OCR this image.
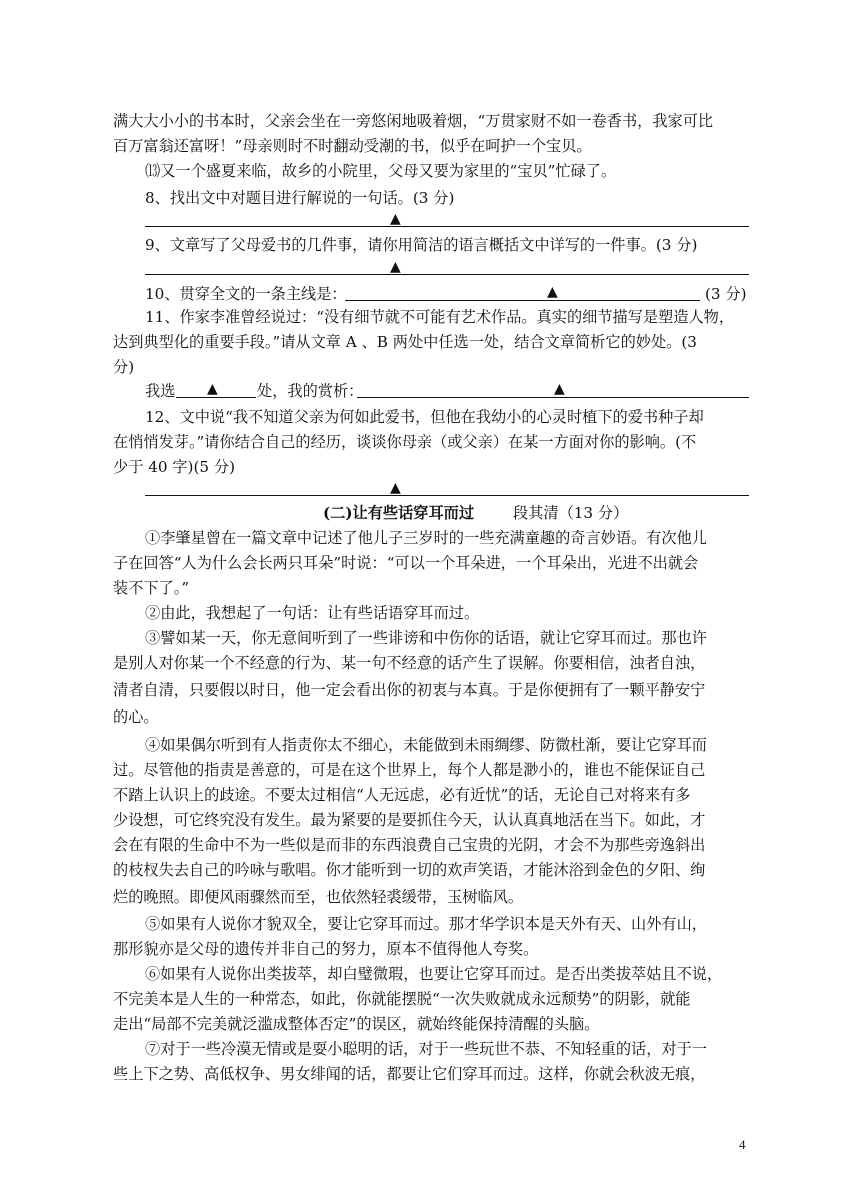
满大大小小的书本时，父亲会坐在一旁悠闲地吸着烟，“万贯家财不如一卷香书，我家可比
百万富翁还富呀！”母亲则时不时翻动受潮的书，似乎在呵护一个宝贝。
⒀又一个盛夏来临，故乡的小院里，父母又要为家里的“宝贝”忙碌了。
8、找出文中对题目进行解说的一句话。(3 分)
▲
9、文章写了父母爱书的几件事，请你用简洁的语言概括文中详写的一件事。(3 分)
▲
10、贯穿全文的一条主线是：	▲	(3 分)
11、作家李准曾经说过：“没有细节就不可能有艺术作品。真实的细节描写是塑造人物，
达到典型化的重要手段。”请从文章 A 、B 两处中任选一处，结合文章简析它的妙处。(3
分)
我选 ▲	处，我的赏析：	▲
12、文中说“我不知道父亲为何如此爱书，但他在我幼小的心灵时植下的爱书种子却
在悄悄发芽。”请你结合自己的经历，谈谈你母亲（或父亲）在某一方面对你的影响。(不
少于 40 字)(5 分)
▲
(二)让有些话穿耳而过	段其清（13 分）
①李肇星曾在一篇文章中记述了他儿子三岁时的一些充满童趣的奇言妙语。有次他儿
子在回答“人为什么会长两只耳朵”时说：“可以一个耳朵进，一个耳朵出，光进不出就会
装不下了。”
②由此，我想起了一句话：让有些话语穿耳而过。
③譬如某一天，你无意间听到了一些诽谤和中伤你的话语，就让它穿耳而过。那也许
是别人对你某一个不经意的行为、某一句不经意的话产生了误解。你要相信，浊者自浊，
清者自清，只要假以时日，他一定会看出你的初衷与本真。于是你便拥有了一颗平静安宁
的心。
④如果偶尔听到有人指责你太不细心，未能做到未雨绸缪、防微杜渐，要让它穿耳而
过。尽管他的指责是善意的，可是在这个世界上，每个人都是渺小的，谁也不能保证自己
不踏上认识上的歧途。不要太过相信“人无远虑，必有近忧”的话，无论自己对将来有多
少设想，可它终究没有发生。最为紧要的是要抓住今天，认认真真地活在当下。如此，才
会在有限的生命中不为一些似是而非的东西浪费自己宝贵的光阴，才会不为那些旁逸斜出
的枝杈失去自己的吟咏与歌唱。你才能听到一切的欢声笑语，才能沐浴到金色的夕阳、绚
烂的晚照。即便风雨骤然而至，也依然轻裘缓带，玉树临风。
⑤如果有人说你才貌双全，要让它穿耳而过。那才华学识本是天外有天、山外有山，
那形貌亦是父母的遗传并非自己的努力，原本不值得他人夸奖。
⑥如果有人说你出类拔萃，却白璧微瑕，也要让它穿耳而过。是否出类拔萃姑且不说，
不完美本是人生的一种常态，如此，你就能摆脱“一次失败就成永远颓势”的阴影，就能
走出“局部不完美就泛滥成整体否定”的误区，就始终能保持清醒的头脑。
⑦对于一些冷漠无情或是耍小聪明的话，对于一些玩世不恭、不知轻重的话，对于一
些上下之势、高低权争、男女绯闻的话，都要让它们穿耳而过。这样，你就会秋波无痕，
4
